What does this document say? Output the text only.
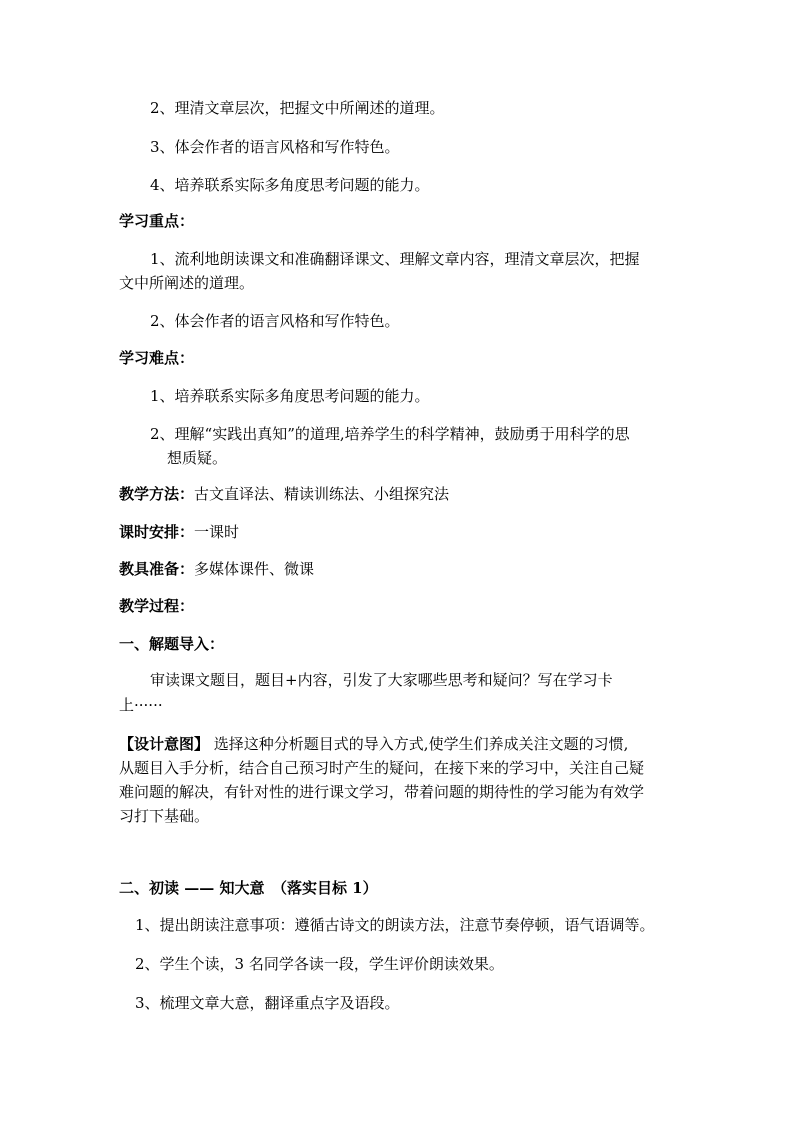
2、理清文章层次，把握文中所阐述的道理。
3、体会作者的语言风格和写作特色。
4、培养联系实际多角度思考问题的能力。
学习重点：
1、流利地朗读课文和准确翻译课文、理解文章内容，理清文章层次，把握
文中所阐述的道理。
2、体会作者的语言风格和写作特色。
学习难点：
1、培养联系实际多角度思考问题的能力。
2、理解“实践出真知”的道理,培养学生的科学精神，鼓励勇于用科学的思
想质疑。
教学方法：古文直译法、精读训练法、小组探究法
课时安排：一课时
教具准备：多媒体课件、微课
教学过程：
一、解题导入：
审读课文题目，题目+内容，引发了大家哪些思考和疑问？写在学习卡
上······
【设计意图】 选择这种分析题目式的导入方式,使学生们养成关注文题的习惯,
从题目入手分析，结合自己预习时产生的疑问，在接下来的学习中，关注自己疑
难问题的解决，有针对性的进行课文学习，带着问题的期待性的学习能为有效学
习打下基础。
二、初读 —— 知大意　（落实目标 1）
1、提出朗读注意事项：遵循古诗文的朗读方法，注意节奏停顿，语气语调等。
2、学生个读，3 名同学各读一段，学生评价朗读效果。
3、梳理文章大意，翻译重点字及语段。
